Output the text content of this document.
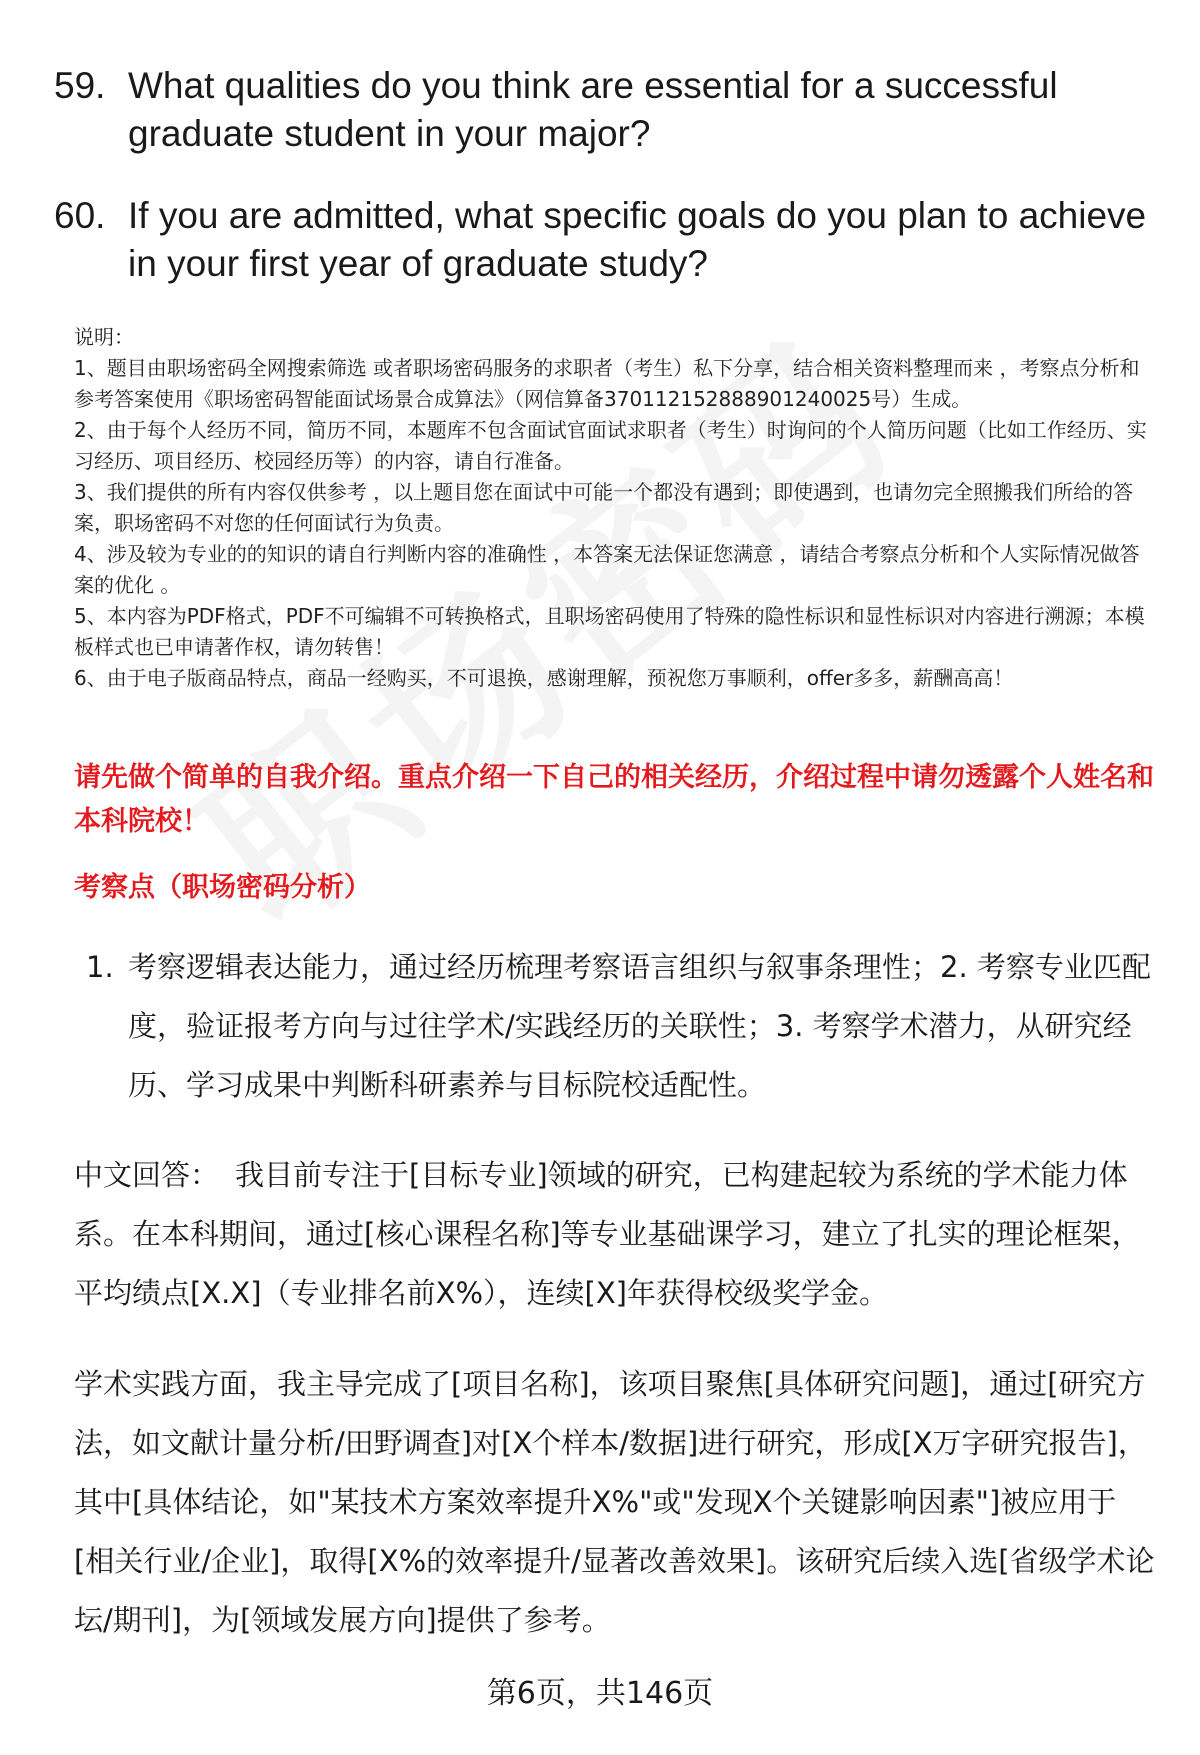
59. What qualities do you think are essential for a successful graduate student in your major?
60. If you are admitted, what specific goals do you plan to achieve in your first year of graduate study?

说明：

1、题目由职场密码全网搜索筛选 或者职场密码服务的求职者（考生）私下分享，结合相关资料整理而来 ，考察点分析和参考答案使用《职场密码智能面试场景合成算法》（网信算备370112152888901240025号）生成。

2、由于每个人经历不同，简历不同，本题库不包含面试官面试求职者（考生）时询问的个人简历问题（比如工作经历、实习经历、项目经历、校园经历等）的内容，请自行准备。

3、我们提供的所有内容仅供参考 ，以上题目您在面试中可能一个都没有遇到；即使遇到，也请勿完全照搬我们所给的答案，职场密码不对您的任何面试行为负责。

4、涉及较为专业的的知识的请自行判断内容的准确性 ，本答案无法保证您满意 ，请结合考察点分析和个人实际情况做答案的优化 。

5、本内容为PDF格式，PDF不可编辑不可转换格式，且职场密码使用了特殊的隐性标识和显性标识对内容进行溯源；本模板样式也已申请著作权，请勿转售！

6、由于电子版商品特点，商品一经购买，不可退换，感谢理解，预祝您万事顺利，offer多多，薪酬高高！

请先做个简单的自我介绍。重点介绍一下自己的相关经历，介绍过程中请勿透露个人姓名和本科院校！
考察点（职场密码分析）
1. 考察逻辑表达能力，通过经历梳理考察语言组织与叙事条理性；2. 考察专业匹配度，验证报考方向与过往学术/实践经历的关联性；3. 考察学术潜力，从研究经历、学习成果中判断科研素养与目标院校适配性。
中文回答： 我目前专注于[目标专业]领域的研究，已构建起较为系统的学术能力体系。在本科期间，通过[核心课程名称]等专业基础课学习，建立了扎实的理论框架，平均绩点[X.X]（专业排名前X%），连续[X]年获得校级奖学金。
学术实践方面，我主导完成了[项目名称]，该项目聚焦[具体研究问题]，通过[研究方法，如文献计量分析/田野调查]对[X个样本/数据]进行研究，形成[X万字研究报告]，其中[具体结论，如"某技术方案效率提升X%"或"发现X个关键影响因素"]被应用于[相关行业/企业]，取得[X%的效率提升/显著改善效果]。该研究后续入选[省级学术论坛/期刊]，为[领域发展方向]提供了参考。
第6页，共146页
